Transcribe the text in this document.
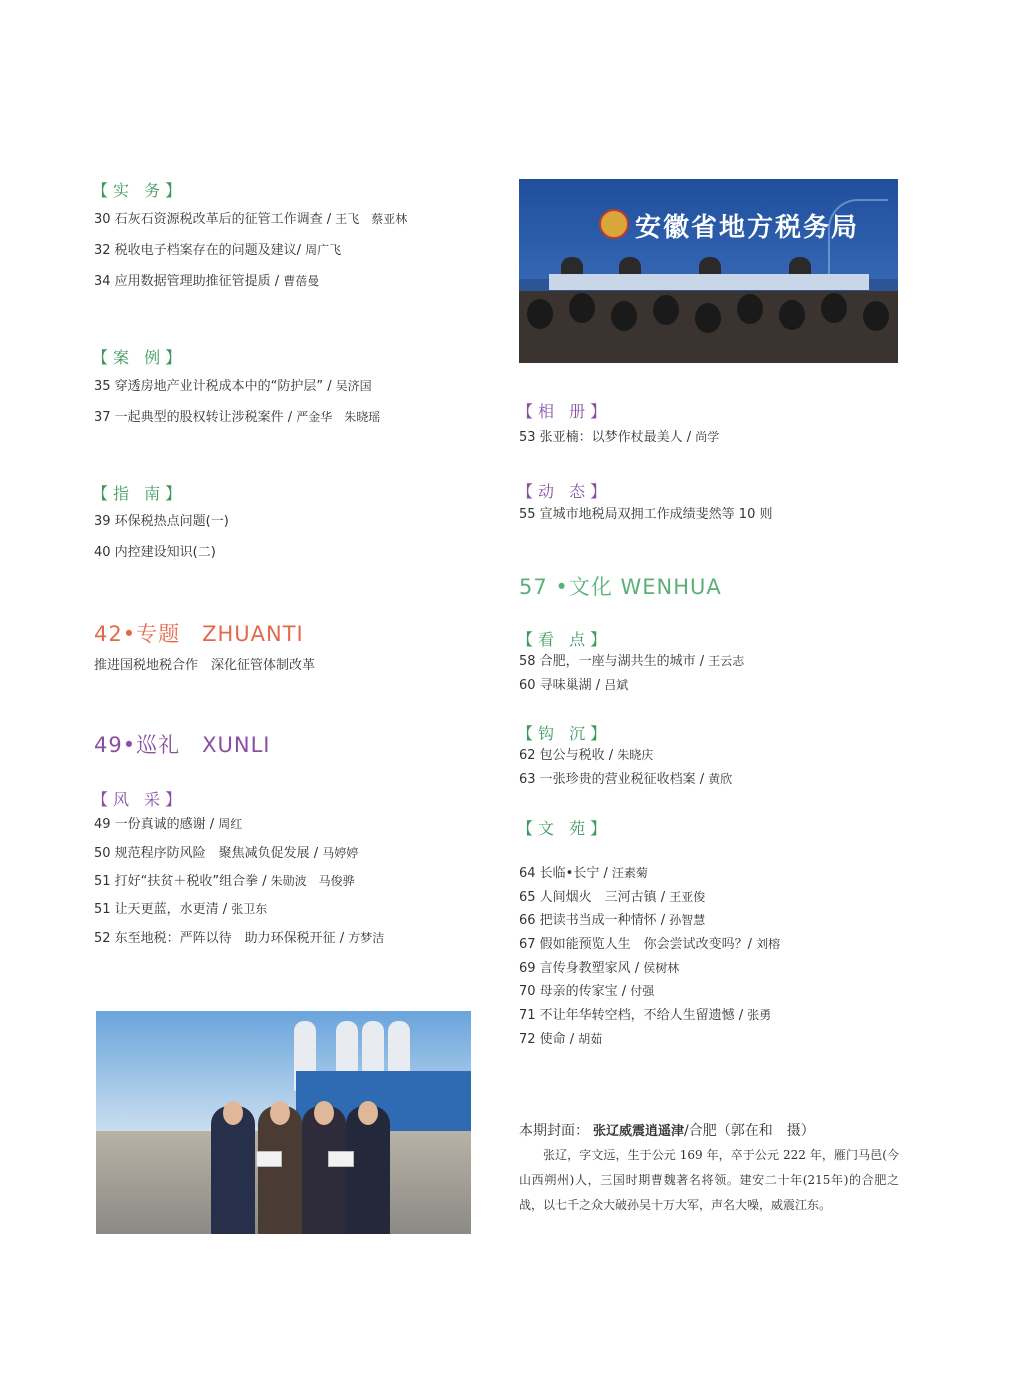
【实 务】
30 石灰石资源税改革后的征管工作调查 / 王飞　蔡亚林
32 税收电子档案存在的问题及建议/ 周广飞
34 应用数据管理助推征管提质 / 曹蓓曼
【案 例】
35 穿透房地产业计税成本中的“防护层” / 吴济国
37 一起典型的股权转让涉税案件 / 严金华　朱晓瑶
【指 南】
39 环保税热点问题(一)
40 内控建设知识(二)
42•专题　ZHUANTI
推进国税地税合作　深化征管体制改革
49•巡礼　XUNLI
【风 采】
49 一份真诚的感谢 / 周红
50 规范程序防风险　聚焦减负促发展 / 马婷婷
51 打好“扶贫＋税收”组合拳 / 朱勋波　马俊骅
51 让天更蓝，水更清 / 张卫东
52 东至地税：严阵以待　助力环保税开征 / 方梦洁
安徽省地方税务局
【相 册】
53 张亚楠：以梦作杖最美人 / 尚学
【动 态】
55 宣城市地税局双拥工作成绩斐然等 10 则
57 •文化 WENHUA
【看 点】
58 合肥，一座与湖共生的城市 / 王云志
60 寻味巢湖 / 吕斌
【钩 沉】
62 包公与税收 / 朱晓庆
63 一张珍贵的营业税征收档案 / 黄欣
【文 苑】
64 长临•长宁 / 汪素菊
65 人间烟火　三河古镇 / 王亚俊
66 把读书当成一种情怀 / 孙智慧
67 假如能预览人生　你会尝试改变吗？/ 刘榕
69 言传身教塑家风 / 侯树林
70 母亲的传家宝 / 付强
71 不让年华转空档，不给人生留遗憾 / 张勇
72 使命 / 胡茹
本期封面： 张辽威震逍遥津/合肥（郭在和　摄）
张辽，字文远，生于公元 169 年，卒于公元 222 年，雁门马邑(今山西朔州)人，三国时期曹魏著名将领。建安二十年(215年)的合肥之战，以七千之众大破孙吴十万大军，声名大噪，威震江东。
